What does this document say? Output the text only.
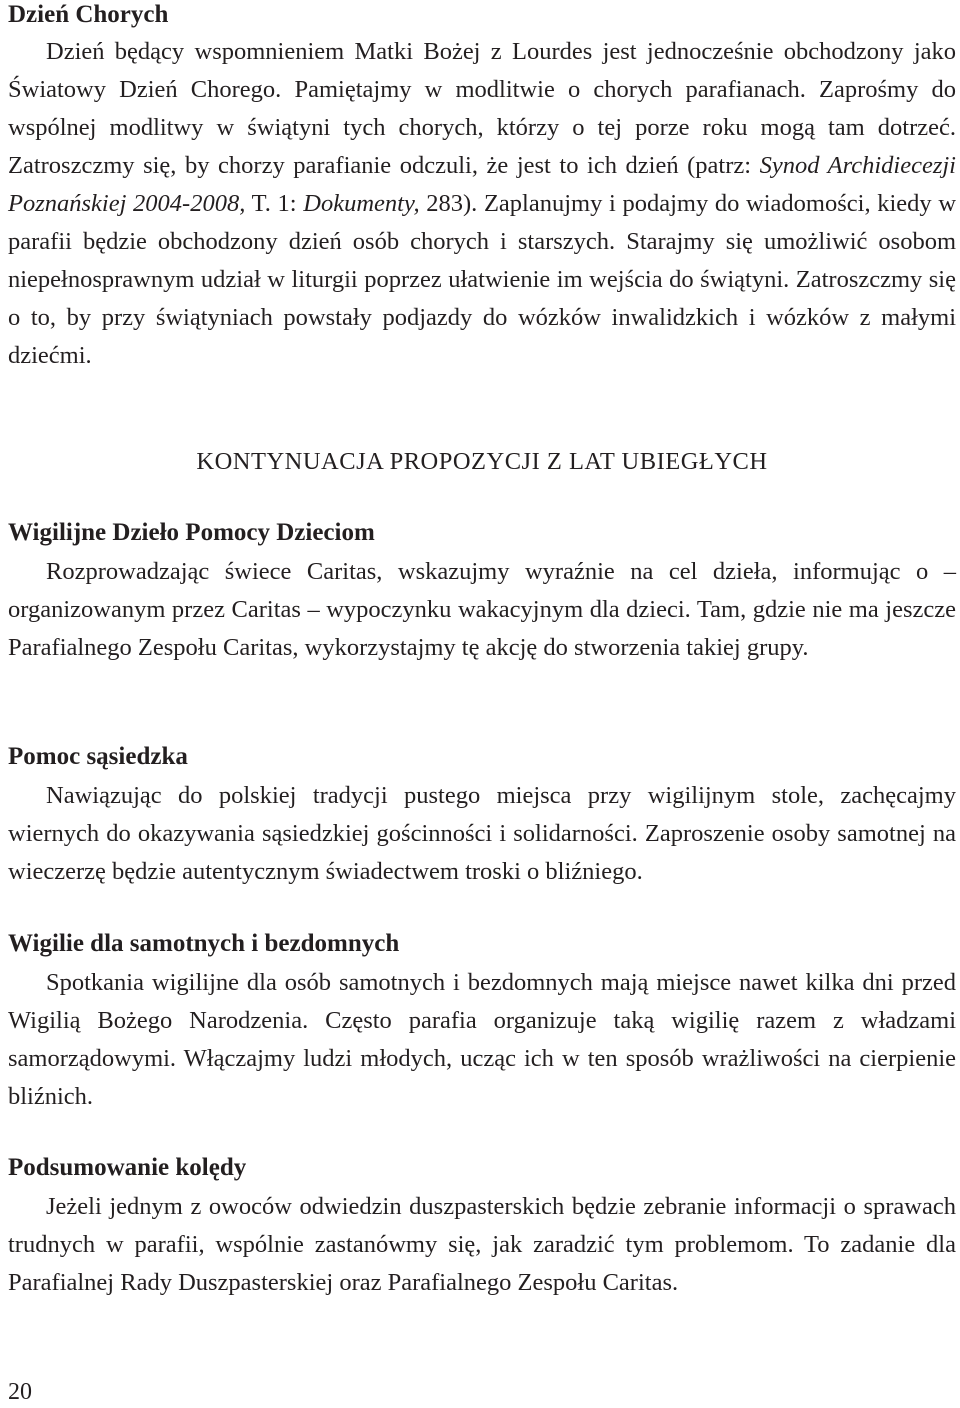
Dzień Chorych

Dzień będący wspomnieniem Matki Bożej z Lourdes jest jednocześnie obchodzony jako Światowy Dzień Chorego. Pamiętajmy w modlitwie o chorych parafianach. Zaprośmy do wspólnej modlitwy w świątyni tych chorych, którzy o tej porze roku mogą tam dotrzeć. Zatroszczmy się, by chorzy parafianie odczuli, że jest to ich dzień (patrz: Synod Archidiecezji Poznańskiej 2004-2008, T. 1: Dokumenty, 283). Zaplanujmy i podajmy do wiadomości, kiedy w parafii będzie obchodzony dzień osób chorych i starszych. Starajmy się umożliwić osobom niepełnosprawnym udział w liturgii poprzez ułatwienie im wejścia do świątyni. Zatroszczmy się o to, by przy świątyniach powstały podjazdy do wózków inwalidzkich i wózków z małymi dziećmi.

KONTYNUACJA PROPOZYCJI Z LAT UBIEGŁYCH
Wigilijne Dzieło Pomocy Dzieciom

Rozprowadzając świece Caritas, wskazujmy wyraźnie na cel dzieła, informując o – organizowanym przez Caritas – wypoczynku wakacyjnym dla dzieci. Tam, gdzie nie ma jeszcze Parafialnego Zespołu Caritas, wykorzystajmy tę akcję do stworzenia takiej grupy.

Pomoc sąsiedzka

Nawiązując do polskiej tradycji pustego miejsca przy wigilijnym stole, zachęcajmy wiernych do okazywania sąsiedzkiej gościnności i solidarności. Zaproszenie osoby samotnej na wieczerzę będzie autentycznym świadectwem troski o bliźniego.

Wigilie dla samotnych i bezdomnych

Spotkania wigilijne dla osób samotnych i bezdomnych mają miejsce nawet kilka dni przed Wigilią Bożego Narodzenia. Często parafia organizuje taką wigilię razem z władzami samorządowymi. Włączajmy ludzi młodych, ucząc ich w ten sposób wrażliwości na cierpienie bliźnich.

Podsumowanie kolędy

Jeżeli jednym z owoców odwiedzin duszpasterskich będzie zebranie informacji o sprawach trudnych w parafii, wspólnie zastanówmy się, jak zaradzić tym problemom. To zadanie dla Parafialnej Rady Duszpasterskiej oraz Parafialnego Zespołu Caritas.

20
